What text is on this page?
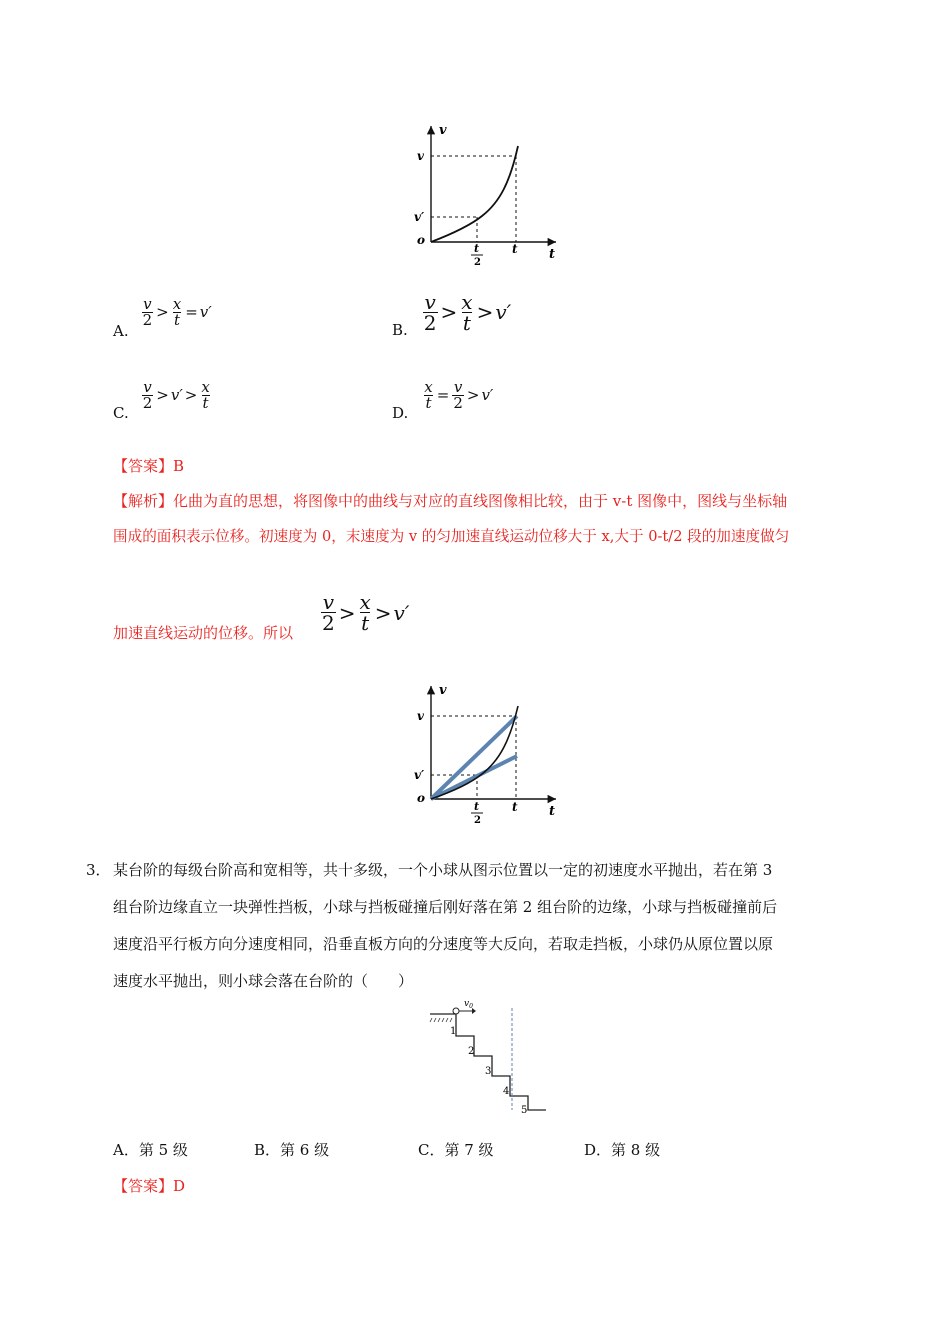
v
t
o
v
v′
t
t
2
A.
$\frac{v}{2} > \frac{x}{t} = v'$
B. $\frac{v}{2} > \frac{x}{t} > v'$
C.
$\frac{v}{2} > v' > \frac{x}{t}$
D.
$\frac{x}{t} = \frac{v}{2} > v'$
【答案】B
【解析】化曲为直的思想，将图像中的曲线与对应的直线图像相比较，由于 v-t 图像中，图线与坐标轴
围成的面积表示位移。初速度为 0，末速度为 v 的匀加速直线运动位移大于 x,大于 0-t/2 段的加速度做匀
加速直线运动的位移。所以 $\frac{v}{2} > \frac{x}{t} > v'$
v
t
o
v
v′
t
t
2
3． 某台阶的每级台阶高和宽相等，共十多级，一个小球从图示位置以一定的初速度水平抛出，若在第 3
组台阶边缘直立一块弹性挡板，小球与挡板碰撞后刚好落在第 2 组台阶的边缘，小球与挡板碰撞前后
速度沿平行板方向分速度相同，沿垂直板方向的分速度等大反向，若取走挡板，小球仍从原位置以原
速度水平抛出，则小球会落在台阶的（　　）
$v_0$
1
2
3
4
5
A．第 5 级	B．第 6 级	C．第 7 级	D．第 8 级
【答案】D
